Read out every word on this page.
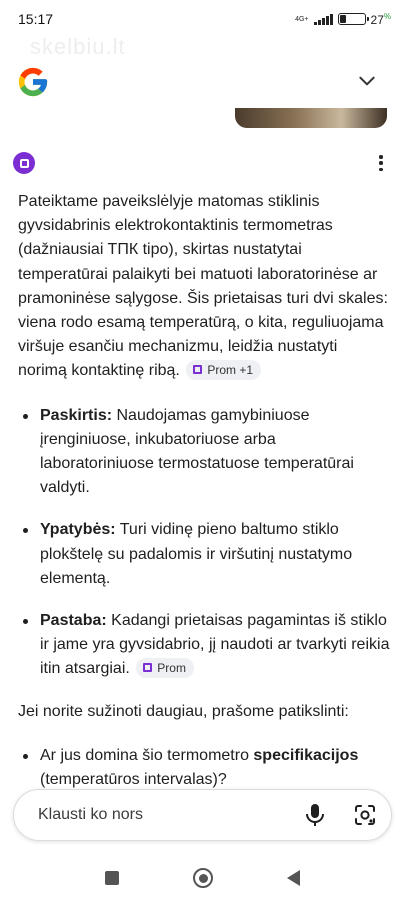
15:17	4G+	27%
skelbiu.lt

Pateiktame paveikslėlyje matomas stiklinis gyvsidabrinis elektrokontaktinis termometras (dažniausiai TПК tipo), skirtas nustatytai temperatūrai palaikyti bei matuoti laboratorinėse ar pramoninėse sąlygose. Šis prietaisas turi dvi skales: viena rodo esamą temperatūrą, o kita, reguliuojama viršuje esančiu mechanizmu, leidžia nustatyti norimą kontaktinę ribą. Prom +1

Paskirtis: Naudojamas gamybiniuose įrenginiuose, inkubatoriuose arba laboratoriniuose termostatuose temperatūrai valdyti.
Ypatybės: Turi vidinę pieno baltumo stiklo plokštelę su padalomis ir viršutinį nustatymo elementą.
Pastaba: Kadangi prietaisas pagamintas iš stiklo ir jame yra gyvsidabrio, jį naudoti ar tvarkyti reikia itin atsargiai. Prom

Jei norite sužinoti daugiau, prašome patikslinti:

Ar jus domina šio termometro specifikacijos (temperatūros intervalas)?
Klausti ko nors
